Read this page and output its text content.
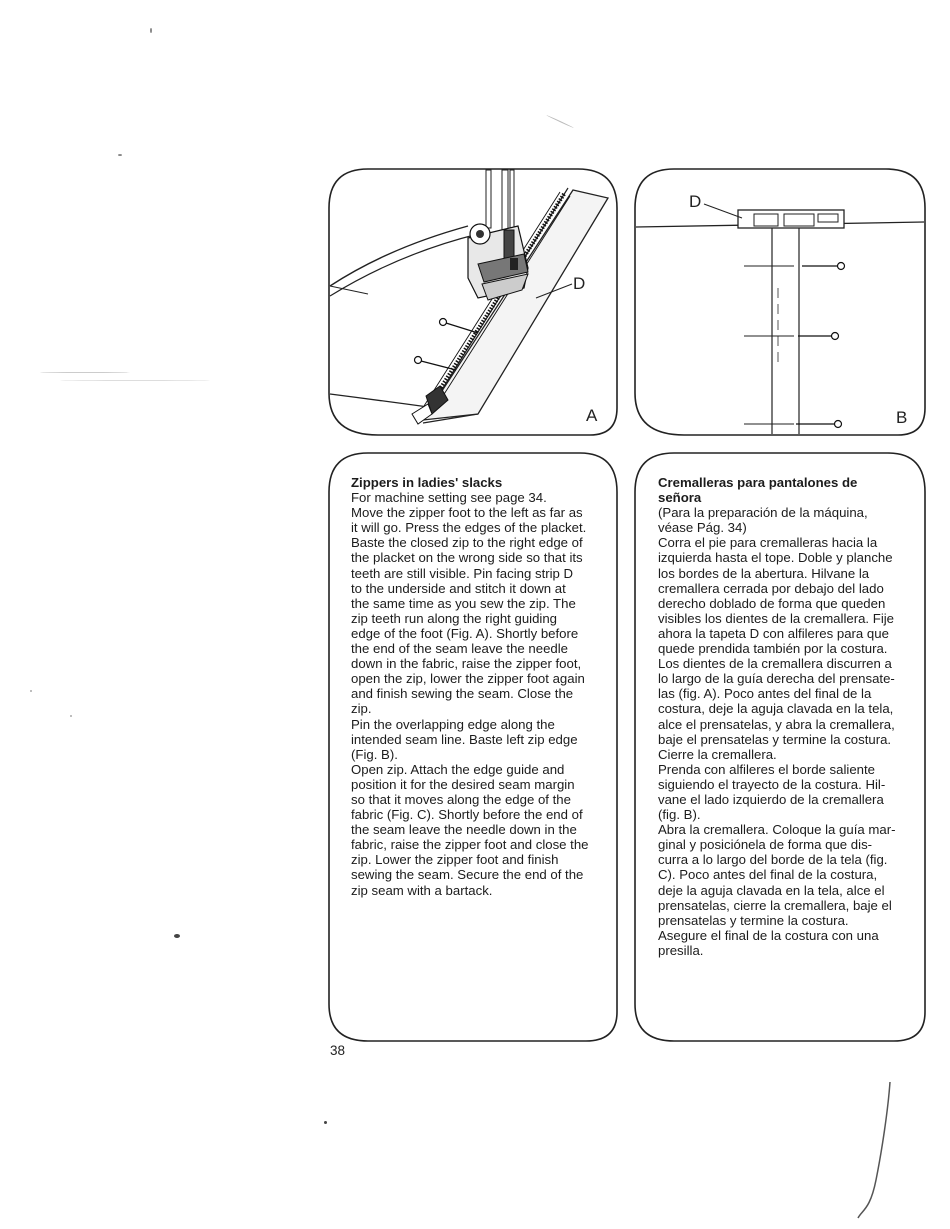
38
D
A
D
B

Zippers in ladies' slacks

For machine setting see page 34.

Move the zipper foot to the left as far as

it will go. Press the edges of the placket.

Baste the closed zip to the right edge of

the placket on the wrong side so that its

teeth are still visible. Pin facing strip D

to the underside and stitch it down at

the same time as you sew the zip. The

zip teeth run along the right guiding

edge of the foot (Fig. A). Shortly before

the end of the seam leave the needle

down in the fabric, raise the zipper foot,

open the zip, lower the zipper foot again

and finish sewing the seam. Close the

zip.

Pin the overlapping edge along the

intended seam line. Baste left zip edge

(Fig. B).

Open zip. Attach the edge guide and

position it for the desired seam margin

so that it moves along the edge of the

fabric (Fig. C). Shortly before the end of

the seam leave the needle down in the

fabric, raise the zipper foot and close the

zip. Lower the zipper foot and finish

sewing the seam. Secure the end of the

zip seam with a bartack.

Cremalleras para pantalones de

señora

(Para la preparación de la máquina,

véase Pág. 34)

Corra el pie para cremalleras hacia la

izquierda hasta el tope. Doble y planche

los bordes de la abertura. Hilvane la

cremallera cerrada por debajo del lado

derecho doblado de forma que queden

visibles los dientes de la cremallera. Fije

ahora la tapeta D con alfileres para que

quede prendida también por la costura.

Los dientes de la cremallera discurren a

lo largo de la guía derecha del prensate-

las (fig. A). Poco antes del final de la

costura, deje la aguja clavada en la tela,

alce el prensatelas, y abra la cremallera,

baje el prensatelas y termine la costura.

Cierre la cremallera.

Prenda con alfileres el borde saliente

siguiendo el trayecto de la costura. Hil-

vane el lado izquierdo de la cremallera

(fig. B).

Abra la cremallera. Coloque la guía mar-

ginal y posiciónela de forma que dis-

curra a lo largo del borde de la tela (fig.

C). Poco antes del final de la costura,

deje la aguja clavada en la tela, alce el

prensatelas, cierre la cremallera, baje el

prensatelas y termine la costura.

Asegure el final de la costura con una

presilla.
